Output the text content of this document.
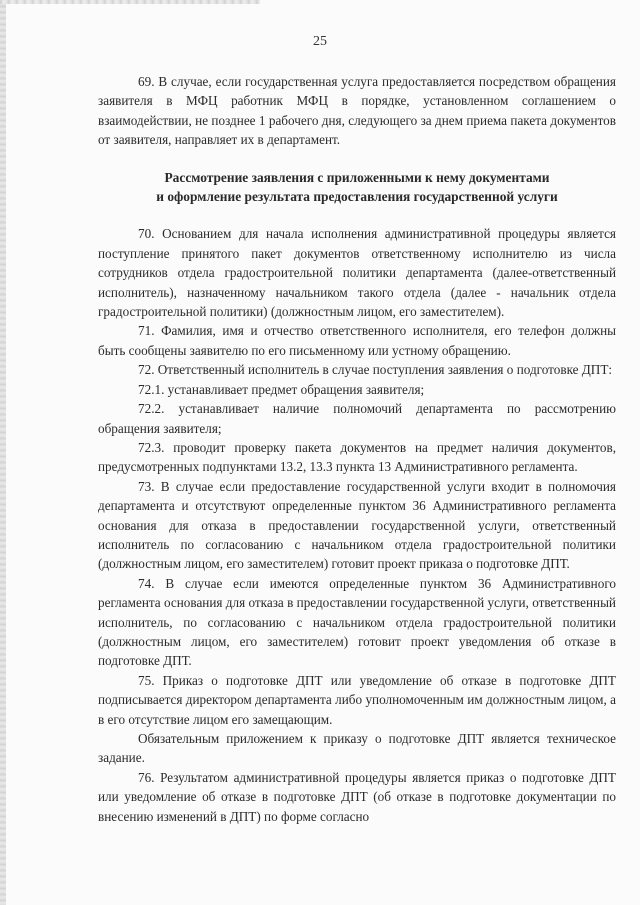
25

69. В случае, если государственная услуга предоставляется посредством обращения заявителя в МФЦ работник МФЦ в порядке, установленном соглашением о взаимодействии, не позднее 1 рабочего дня, следующего за днем приема пакета документов от заявителя, направляет их в департамент.

Рассмотрение заявления с приложенными к нему документами
и оформление результата предоставления государственной услуги

70. Основанием для начала исполнения административной процедуры является поступление принятого пакет документов ответственному исполнителю из числа сотрудников отдела градостроительной политики департамента (далее-ответственный исполнитель), назначенному начальником такого отдела (далее - начальник отдела градостроительной политики) (должностным лицом, его заместителем).

71. Фамилия, имя и отчество ответственного исполнителя, его телефон должны быть сообщены заявителю по его письменному или устному обращению.

72. Ответственный исполнитель в случае поступления заявления о подготовке ДПТ:

72.1. устанавливает предмет обращения заявителя;

72.2. устанавливает наличие полномочий департамента по рассмотрению обращения заявителя;

72.3. проводит проверку пакета документов на предмет наличия документов, предусмотренных подпунктами 13.2, 13.3 пункта 13 Административного регламента.

73. В случае если предоставление государственной услуги входит в полномочия департамента и отсутствуют определенные пунктом 36 Административного регламента основания для отказа в предоставлении государственной услуги, ответственный исполнитель по согласованию с начальником отдела градостроительной политики (должностным лицом, его заместителем) готовит проект приказа о подготовке ДПТ.

74. В случае если имеются определенные пунктом 36 Административного регламента основания для отказа в предоставлении государственной услуги, ответственный исполнитель, по согласованию с начальником отдела градостроительной политики (должностным лицом, его заместителем) готовит проект уведомления об отказе в подготовке ДПТ.

75. Приказ о подготовке ДПТ или уведомление об отказе в подготовке ДПТ подписывается директором департамента либо уполномоченным им должностным лицом, а в его отсутствие лицом его замещающим.

Обязательным приложением к приказу о подготовке ДПТ является техническое задание.

76. Результатом административной процедуры является приказ о подготовке ДПТ или уведомление об отказе в подготовке ДПТ (об отказе в подготовке документации по внесению изменений в ДПТ) по форме согласно
